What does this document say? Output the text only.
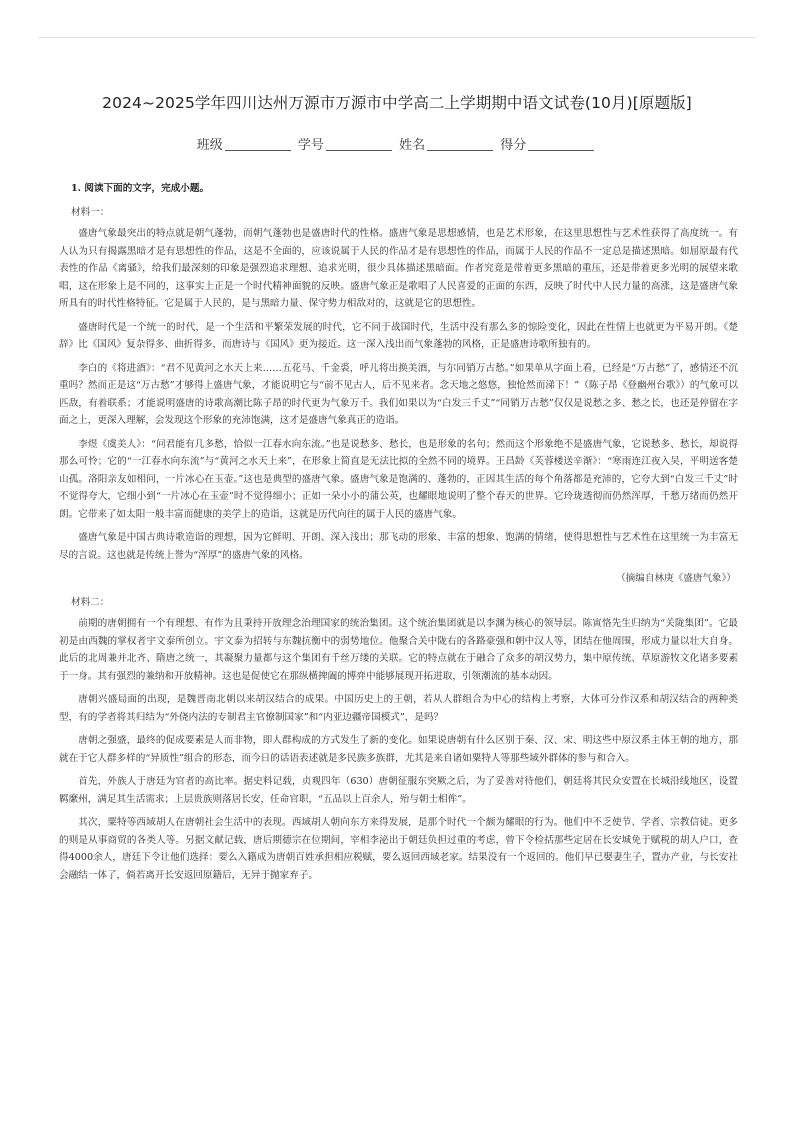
2024~2025学年四川达州万源市万源市中学高二上学期期中语文试卷(10月)[原题版]
班级	学号	姓名	得分
1. 阅读下面的文字，完成小题。
材料一：

盛唐气象最突出的特点就是朝气蓬勃，而朝气蓬勃也是盛唐时代的性格。盛唐气象是思想感情，也是艺术形象，在这里思想性与艺术性获得了高度统一。有人认为只有揭露黑暗才是有思想性的作品，这是不全面的，应该说属于人民的作品才是有思想性的作品，而属于人民的作品不一定总是描述黑暗。如屈原最有代表性的作品《离骚》，给我们最深刻的印象是强烈追求理想、追求光明，很少具体描述黑暗面。作者究竟是带着更多黑暗的重压，还是带着更多光明的展望来歌唱，这在形象上是不同的，这事实上正是一个时代精神面貌的反映。盛唐气象正是歌唱了人民喜爱的正面的东西，反映了时代中人民力量的高涨，这是盛唐气象所具有的时代性格特征。它是属于人民的，是与黑暗力量、保守势力相敌对的，这就是它的思想性。

盛唐时代是一个统一的时代，是一个生活和平繁荣发展的时代，它不同于战国时代，生活中没有那么多的惊险变化，因此在性情上也就更为平易开朗。《楚辞》比《国风》复杂得多、曲折得多，而唐诗与《国风》更为接近。这一深入浅出而气象蓬勃的风格，正是盛唐诗歌所独有的。

李白的《将进酒》：“君不见黄河之水天上来……五花马、千金裘，呼儿将出换美酒，与尔同销万古愁。”如果单从字面上看，已经是“万古愁”了，感情还不沉重吗？然而正是这“万古愁”才够得上盛唐气象，才能说明它与“前不见古人，后不见来者。念天地之悠悠，独怆然而涕下！”（陈子昂《登幽州台歌》）的气象可以匹敌，有着联系；才能说明盛唐的诗歌高潮比陈子昂的时代更为气象万千。我们如果以为“白发三千丈”“同销万古愁”仅仅是说愁之多、愁之长，也还是停留在字面之上，更深入理解，会发现这个形象的充沛饱满，这才是盛唐气象真正的造诣。

李煜《虞美人》：“问君能有几多愁，恰似一江春水向东流。”也是说愁多、愁长，也是形象的名句；然而这个形象绝不是盛唐气象，它说愁多、愁长，却说得那么可怜；它的“一江春水向东流”与“黄河之水天上来”，在形象上简直是无法比拟的全然不同的境界。王昌龄《芙蓉楼送辛渐》：“寒雨连江夜入吴，平明送客楚山孤。洛阳亲友如相问，一片冰心在玉壶。”这也是典型的盛唐气象。盛唐气象是饱满的、蓬勃的，正因其生活的每个角落都是充沛的，它夸大到“白发三千丈”时不觉得夸大，它细小到“一片冰心在玉壶”时不觉得细小；正如一朵小小的蒲公英，也耀眼地说明了整个春天的世界。它玲珑透彻而仍然浑厚，千愁万绪而仍然开朗。它带来了如太阳一般丰富而健康的美学上的造诣，这就是历代向往的属于人民的盛唐气象。

盛唐气象是中国古典诗歌造诣的理想，因为它鲜明、开朗、深入浅出；那飞动的形象、丰富的想象、饱满的情绪，使得思想性与艺术性在这里统一为丰富无尽的言说。这也就是传统上誉为“浑厚”的盛唐气象的风格。

（摘编自林庚《盛唐气象》）
材料二：

前期的唐朝拥有一个有理想、有作为且秉持开放理念治理国家的统治集团。这个统治集团就是以李渊为核心的领导层。陈寅恪先生归纳为“关陇集团”。它最初是由西魏的掌权者宇文泰所创立。宇文泰为招转与东魏抗衡中的弱势地位。他聚合关中陇右的各路豪强和朝中汉人等，团结在他周围，形成力量以壮大自身。此后的北周兼并北齐、隋唐之统一，其凝聚力量都与这个集团有千丝万缕的关联。它的特点就在于融合了众多的胡汉势力，集中原传统、草原游牧文化诸多要素于一身。其有强烈的兼纳和开放精神。这也是促使它在那纵横捭阖的博弈中能够展现开拓进取，引领潮流的基本动因。

唐朝兴盛局面的出现，是魏晋南北朝以来胡汉结合的成果。中国历史上的王朝，若从人群组合为中心的结构上考察，大体可分作汉系和胡汉结合的两种类型，有的学者将其归结为“外侥内法的专制君主官僚制国家”和“内亚边疆帝国模式”，是吗？

唐朝之强盛，最终的促成要素是人而非物，即人群构成的方式发生了新的变化。如果说唐朝有什么区别于秦、汉、宋、明这些中原汉系主体王朝的地方，那就在于它人群多样的“异质性”组合的形态，而今日的话语表述就是多民族多族群，尤其是来自诸如粟特人等那些域外群体的参与和合入。

首先，外族人于唐廷为官者的高比率。据史料记载，贞观四年（630）唐朝征服东突厥之后，为了妥善对待他们，朝廷将其民众安置在长城沿线地区，设置羁縻州，满足其生活需求；上层贵族则落居长安，任命官职，“五品以上百余人，殆与朝士相侔”。

其次，粟特等西域胡人在唐朝社会生活中的表现。西域胡人朝向东方来得发展，是那个时代一个颇为耀眼的行为。他们中不乏使节、学者、宗教信徒。更多的则是从事商贸的各类人等。另据文献记载，唐后期德宗在位期间，宰相李泌出于朝廷负担过重的考虑，曾下令检括那些定居在长安城免于赋税的胡人户口，查得4000余人，唐廷下令让他们选择：要么入籍成为唐朝百姓承担相应税赋，要么返回西域老家。结果没有一个返回的。他们早已娶妻生子，置办产业，与长安社会融结一体了，倘若离开长安返回原籍后，无异于抛家弃子。
